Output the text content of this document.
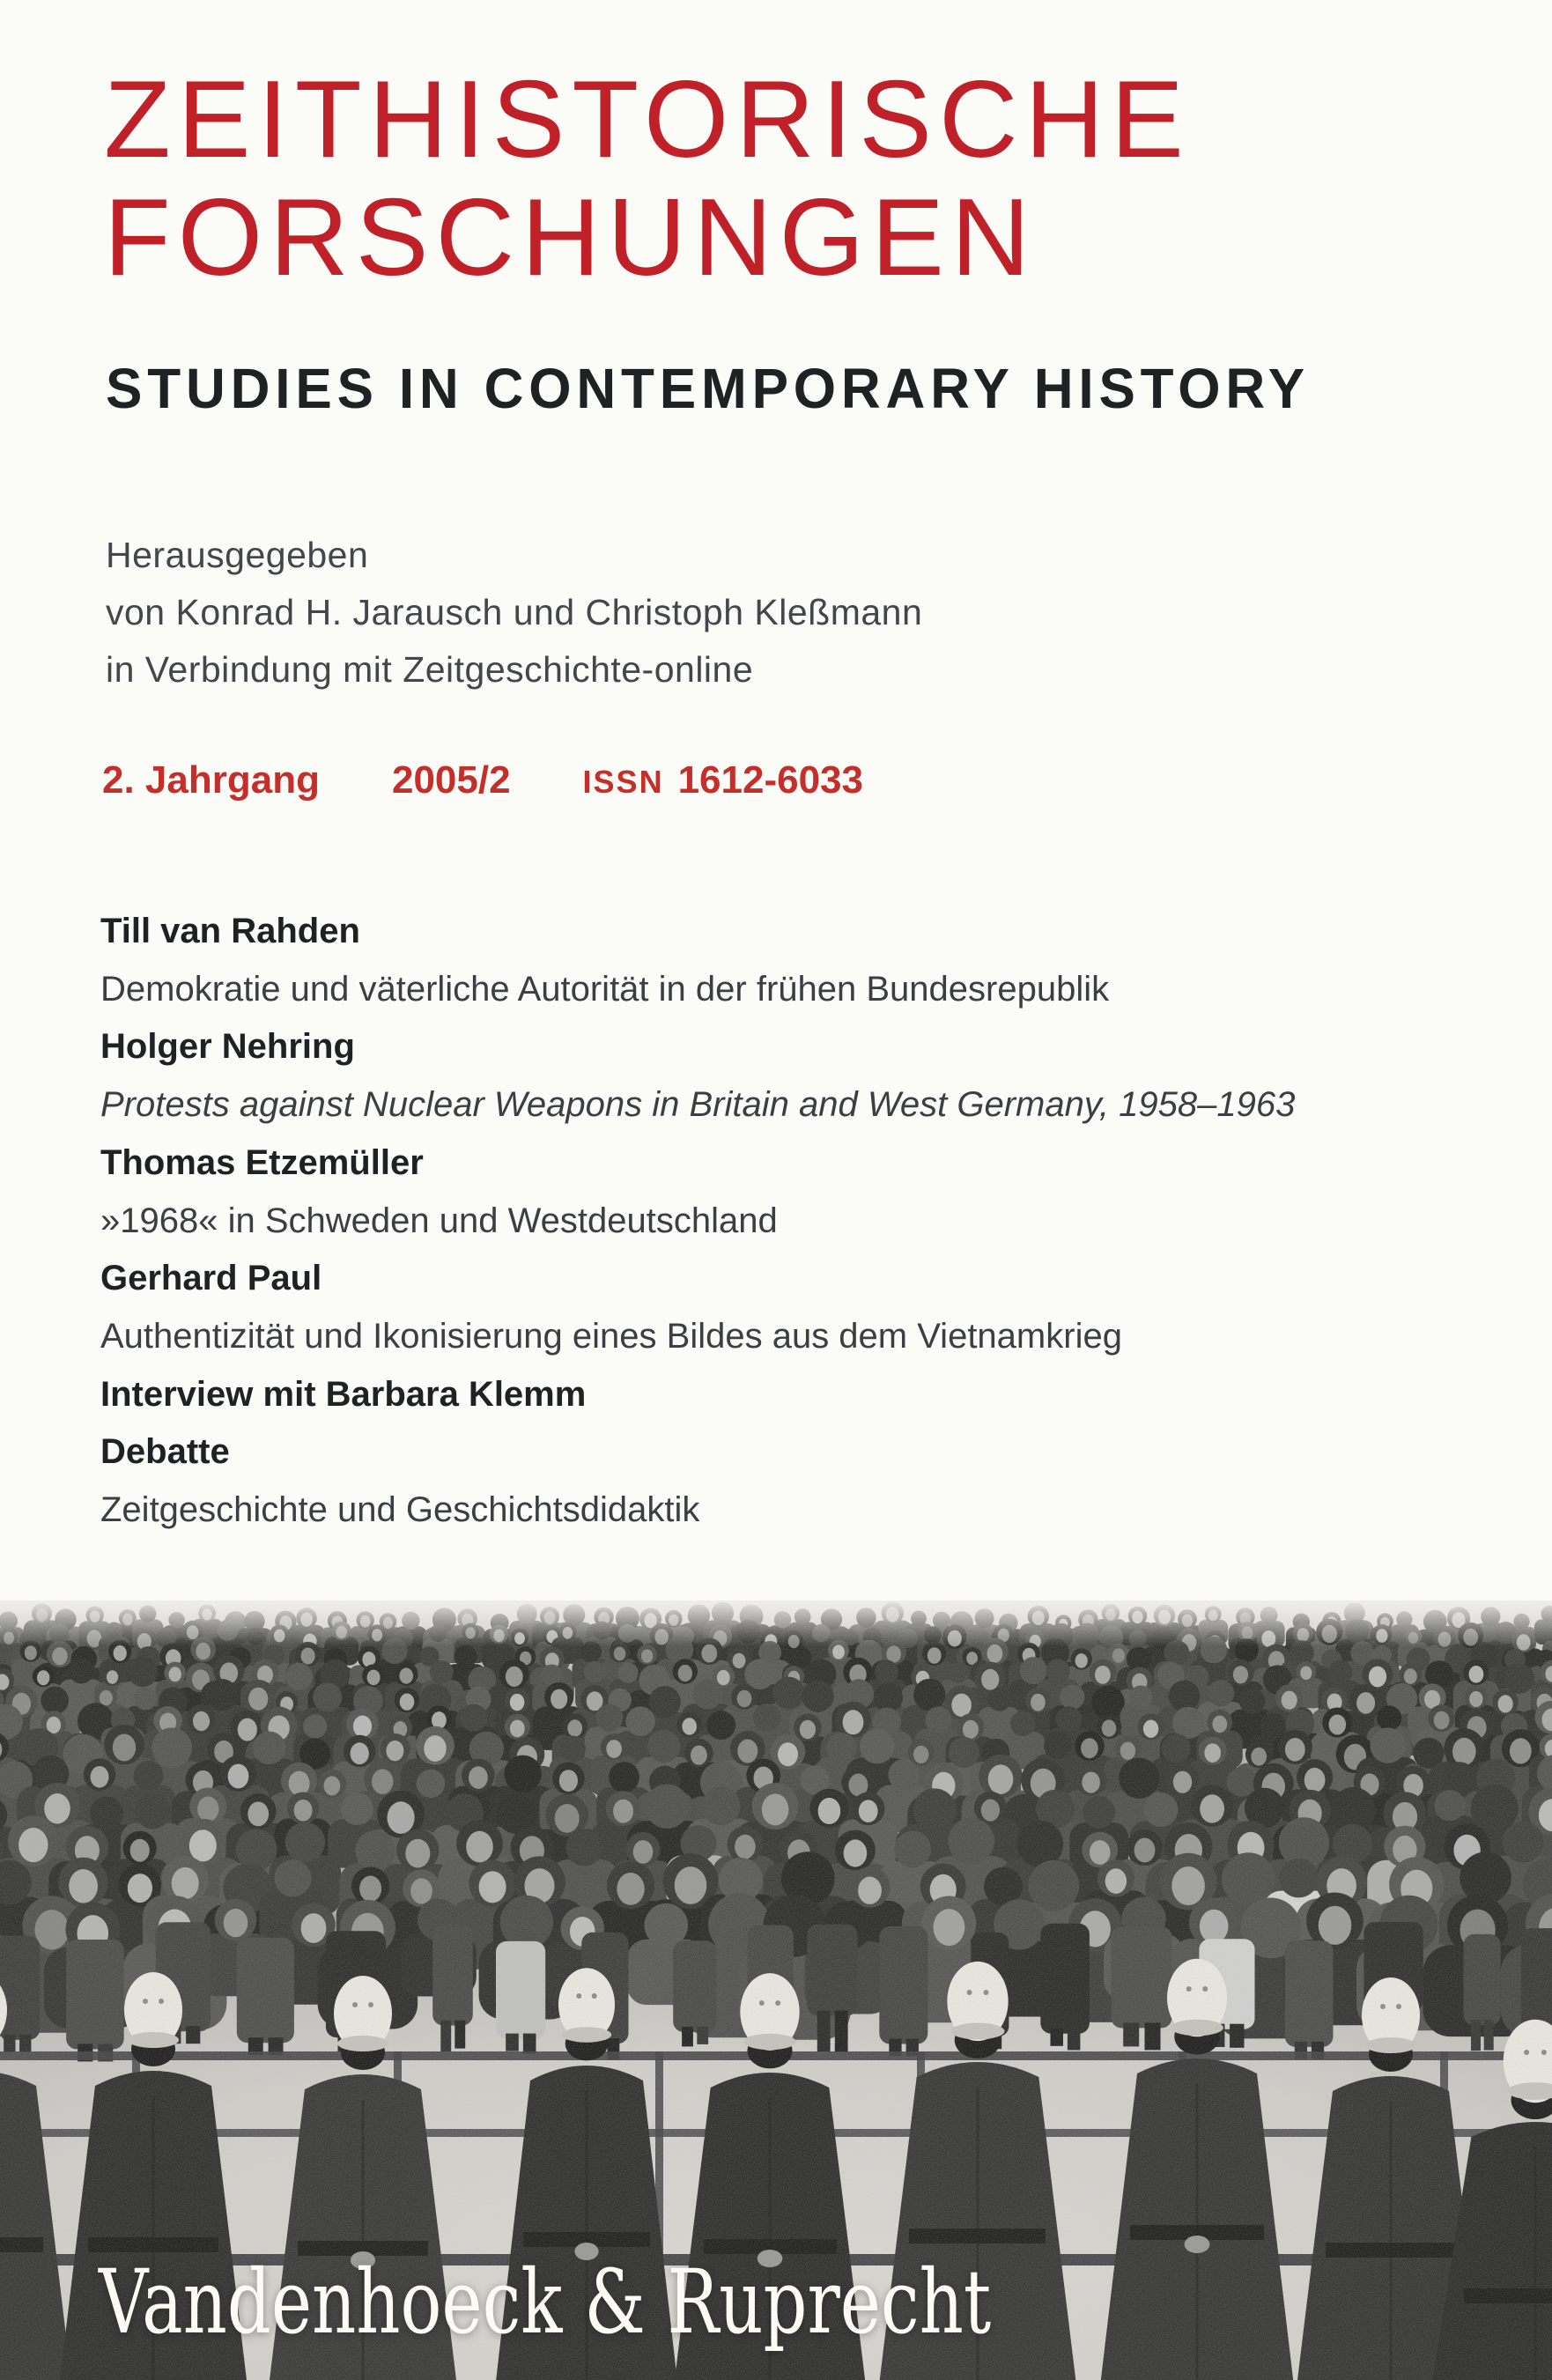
ZEITHISTORISCHE
FORSCHUNGEN
STUDIES IN CONTEMPORARY HISTORY
Herausgegeben
von Konrad H. Jarausch und Christoph Kleßmann
in Verbindung mit Zeitgeschichte-online
2. Jahrgang 2005/2 ISSN 1612-6033
Till van Rahden
Demokratie und väterliche Autorität in der frühen Bundesrepublik
Holger Nehring
Protests against Nuclear Weapons in Britain and West Germany, 1958–1963
Thomas Etzemüller
»1968« in Schweden und Westdeutschland
Gerhard Paul
Authentizität und Ikonisierung eines Bildes aus dem Vietnamkrieg
Interview mit Barbara Klemm
Debatte
Zeitgeschichte und Geschichtsdidaktik
Vandenhoeck & Ruprecht
